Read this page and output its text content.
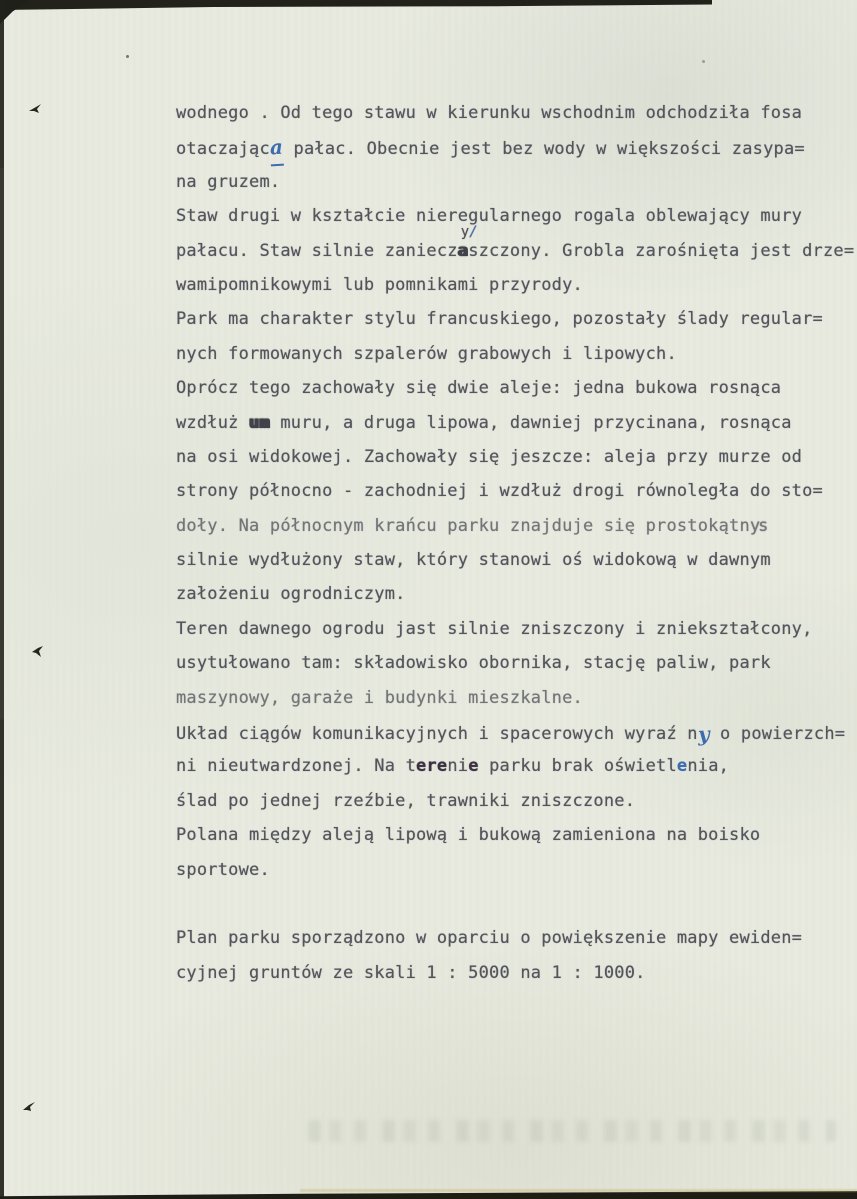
wodnego . Od tego stawu w kierunku wschodnim odchodziła fosa
otaczająca pałac. Obecnie jest bez wody w większości zasypa=
na gruzem.
Staw drugi w kształcie nieregularnego rogala oblewający mury
pałacu. Staw silnie zaniecz
y/
aszczony. Grobla zarośnięta jest drze=
wamipomnikowymi lub pomnikami przyrody.
Park ma charakter stylu francuskiego, pozostały ślady regular=
nych formowanych szpalerów grabowych i lipowych.
Oprócz tego zachowały się dwie aleje: jedna bukowa rosnąca
wzdłuż um muru, a druga lipowa, dawniej przycinana, rosnąca
na osi widokowej. Zachowały się jeszcze: aleja przy murze od
strony północno - zachodniej i wzdłuż drogi równoległa do sto=
doły. Na północnym krańcu parku znajduje się prostokątnys
silnie wydłużony staw, który stanowi oś widokową w dawnym
założeniu ogrodniczym.
Teren dawnego ogrodu jast silnie zniszczony i zniekształcony,
usytułowano tam: składowisko obornika, stację paliw, park
maszynowy, garaże i budynki mieszkalne.
Układ ciągów komunikacyjnych i spacerowych wyraź ny o powierzch=
ni nieutwardzonej. Na terenie parku brak oświetlenia,
ślad po jednej rzeźbie, trawniki zniszczone.
Polana między aleją lipową i bukową zamieniona na boisko
sportowe.

Plan parku sporządzono w oparciu o powiększenie mapy ewiden=
cyjnej gruntów ze skali 1 : 5000 na 1 : 1000.
